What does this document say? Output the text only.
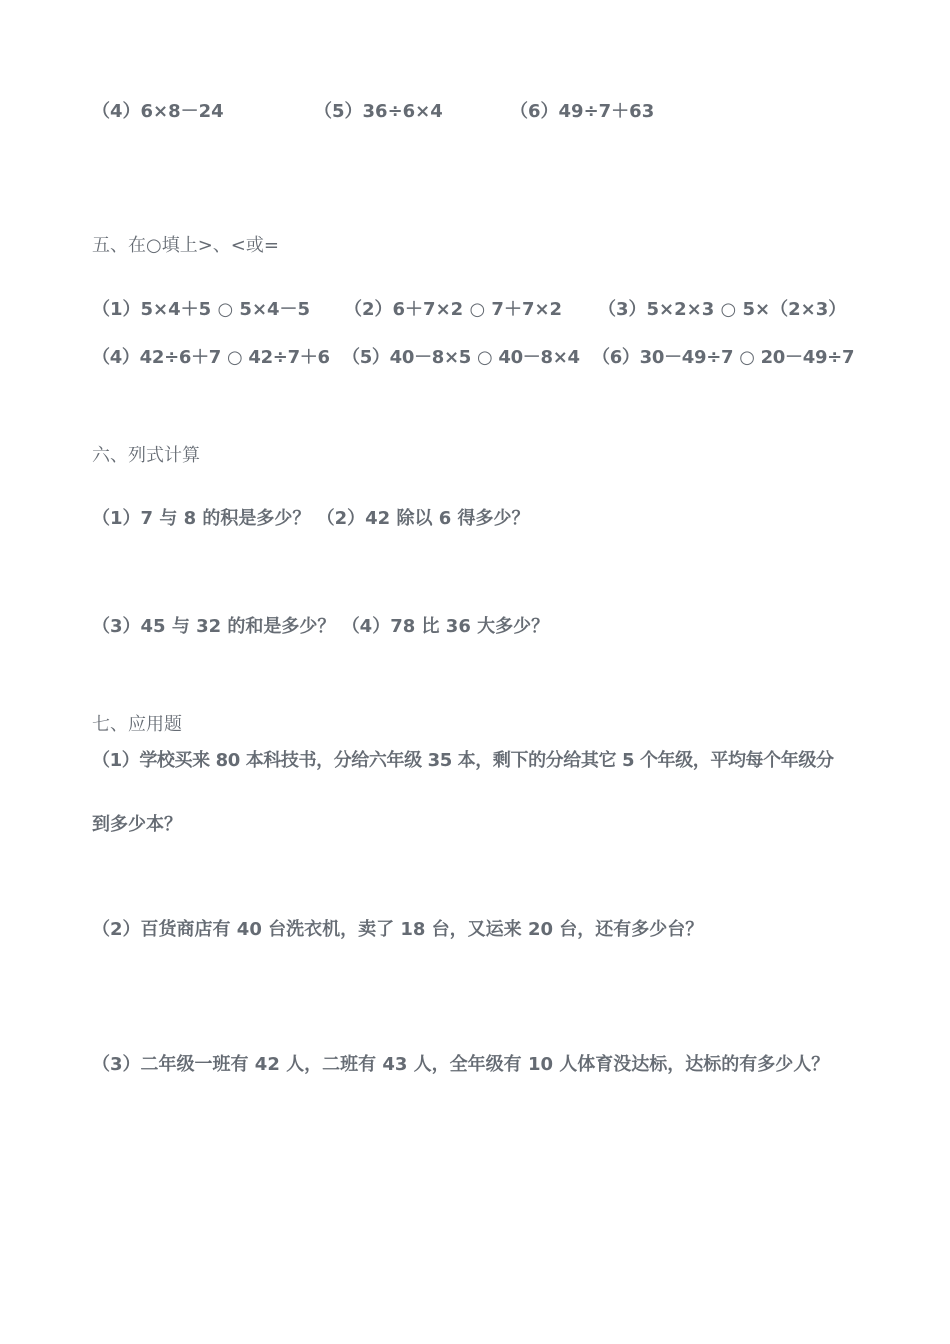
（4）6×8－24	（5）36÷6×4	（6）49÷7＋63
五、在○填上>、<或=
（1）5×4＋5 ○ 5×4－5 （2）6＋7×2 ○ 7＋7×2 （3）5×2×3 ○ 5×（2×3）
（4）42÷6＋7 ○ 42÷7＋6 （5）40－8×5 ○ 40－8×4 （6）30－49÷7 ○ 20－49÷7
六、列式计算
（1）7 与 8 的积是多少？ （2）42 除以 6 得多少？
（3）45 与 32 的和是多少？ （4）78 比 36 大多少？
七、应用题
（1）学校买来 80 本科技书，分给六年级 35 本，剩下的分给其它 5 个年级，平均每个年级分
到多少本？
（2）百货商店有 40 台洗衣机，卖了 18 台，又运来 20 台，还有多少台？
（3）二年级一班有 42 人，二班有 43 人，全年级有 10 人体育没达标，达标的有多少人？
